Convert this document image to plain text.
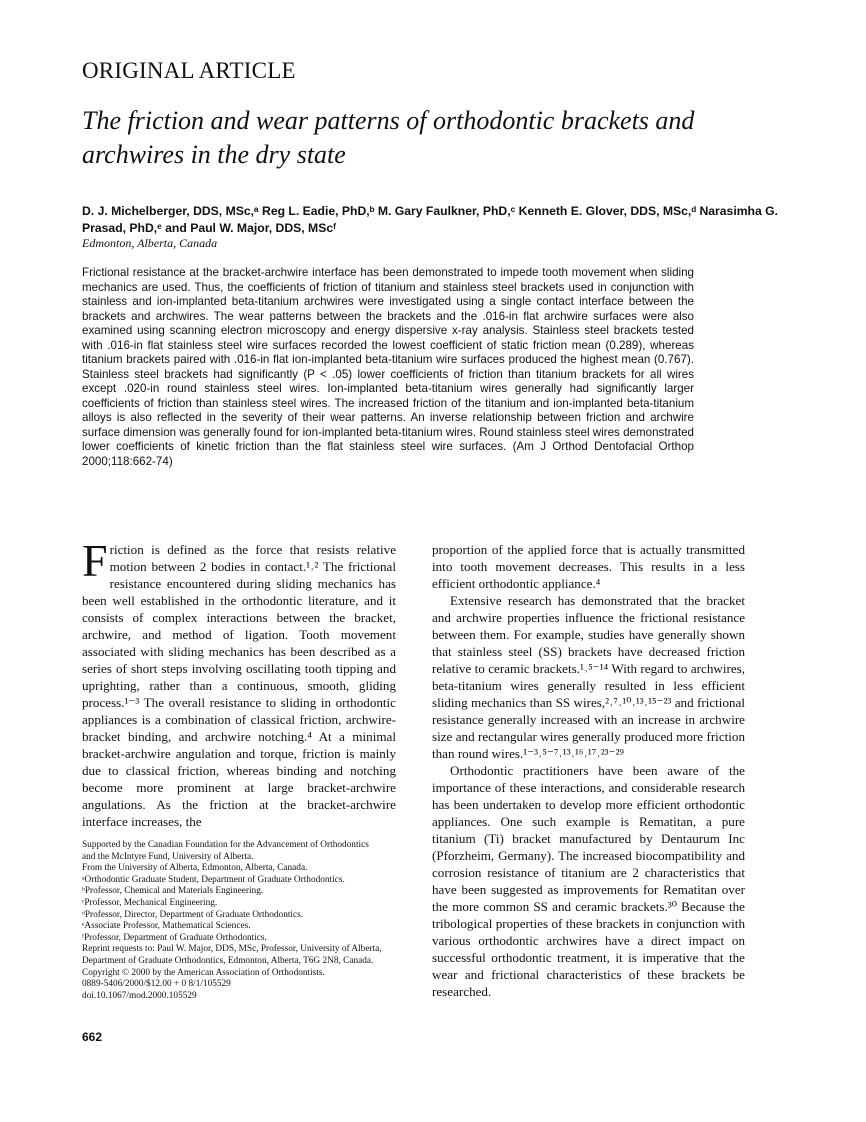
ORIGINAL ARTICLE
The friction and wear patterns of orthodontic brackets and archwires in the dry state
D. J. Michelberger, DDS, MSc,ᵃ Reg L. Eadie, PhD,ᵇ M. Gary Faulkner, PhD,ᶜ Kenneth E. Glover, DDS, MSc,ᵈ Narasimha G. Prasad, PhD,ᵉ and Paul W. Major, DDS, MScᶠ
Edmonton, Alberta, Canada
Frictional resistance at the bracket-archwire interface has been demonstrated to impede tooth movement when sliding mechanics are used. Thus, the coefficients of friction of titanium and stainless steel brackets used in conjunction with stainless and ion-implanted beta-titanium archwires were investigated using a single contact interface between the brackets and archwires. The wear patterns between the brackets and the .016-in flat archwire surfaces were also examined using scanning electron microscopy and energy dispersive x-ray analysis. Stainless steel brackets tested with .016-in flat stainless steel wire surfaces recorded the lowest coefficient of static friction mean (0.289), whereas titanium brackets paired with .016-in flat ion-implanted beta-titanium wire surfaces produced the highest mean (0.767). Stainless steel brackets had significantly (P < .05) lower coefficients of friction than titanium brackets for all wires except .020-in round stainless steel wires. Ion-implanted beta-titanium wires generally had significantly larger coefficients of friction than stainless steel wires. The increased friction of the titanium and ion-implanted beta-titanium alloys is also reflected in the severity of their wear patterns. An inverse relationship between friction and archwire surface dimension was generally found for ion-implanted beta-titanium wires. Round stainless steel wires demonstrated lower coefficients of kinetic friction than the flat stainless steel wire surfaces. (Am J Orthod Dentofacial Orthop 2000;118:662-74)

Friction is defined as the force that resists relative motion between 2 bodies in contact.¹˒² The frictional resistance encountered during sliding mechanics has been well established in the orthodontic literature, and it consists of complex interactions between the bracket, archwire, and method of ligation. Tooth movement associated with sliding mechanics has been described as a series of short steps involving oscillating tooth tipping and uprighting, rather than a continuous, smooth, gliding process.¹⁻³ The overall resistance to sliding in orthodontic appliances is a combination of classical friction, archwire-bracket binding, and archwire notching.⁴ At a minimal bracket-archwire angulation and torque, friction is mainly due to classical friction, whereas binding and notching become more prominent at large bracket-archwire angulations. As the friction at the bracket-archwire interface increases, the

proportion of the applied force that is actually transmitted into tooth movement decreases. This results in a less efficient orthodontic appliance.⁴

Extensive research has demonstrated that the bracket and archwire properties influence the frictional resistance between them. For example, studies have generally shown that stainless steel (SS) brackets have decreased friction relative to ceramic brackets.¹˒⁵⁻¹⁴ With regard to archwires, beta-titanium wires generally resulted in less efficient sliding mechanics than SS wires,²˒⁷˒¹⁰˒¹³˒¹⁵⁻²³ and frictional resistance generally increased with an increase in archwire size and rectangular wires generally produced more friction than round wires.¹⁻³˒⁵⁻⁷˒¹³˒¹⁶˒¹⁷˒²³⁻²⁹

Orthodontic practitioners have been aware of the importance of these interactions, and considerable research has been undertaken to develop more efficient orthodontic appliances. One such example is Rematitan, a pure titanium (Ti) bracket manufactured by Dentaurum Inc (Pforzheim, Germany). The increased biocompatibility and corrosion resistance of titanium are 2 characteristics that have been suggested as improvements for Rematitan over the more common SS and ceramic brackets.³⁰ Because the tribological properties of these brackets in conjunction with various orthodontic archwires have a direct impact on successful orthodontic treatment, it is imperative that the wear and frictional characteristics of these brackets be researched.

Supported by the Canadian Foundation for the Advancement of Orthodontics
and the McIntyre Fund, University of Alberta.
From the University of Alberta, Edmonton, Alberta, Canada.
ᵃOrthodontic Graduate Student, Department of Graduate Orthodontics.
ᵇProfessor, Chemical and Materials Engineering.
ᶜProfessor, Mechanical Engineering.
ᵈProfessor, Director, Department of Graduate Orthodontics.
ᵉAssociate Professor, Mathematical Sciences.
ᶠProfessor, Department of Graduate Orthodontics.
Reprint requests to: Paul W. Major, DDS, MSc, Professor, University of Alberta,
Department of Graduate Orthodontics, Edmonton, Alberta, T6G 2N8, Canada.
Copyright © 2000 by the American Association of Orthodontists.
0889-5406/2000/$12.00 + 0 8/1/105529
doi.10.1067/mod.2000.105529
662
